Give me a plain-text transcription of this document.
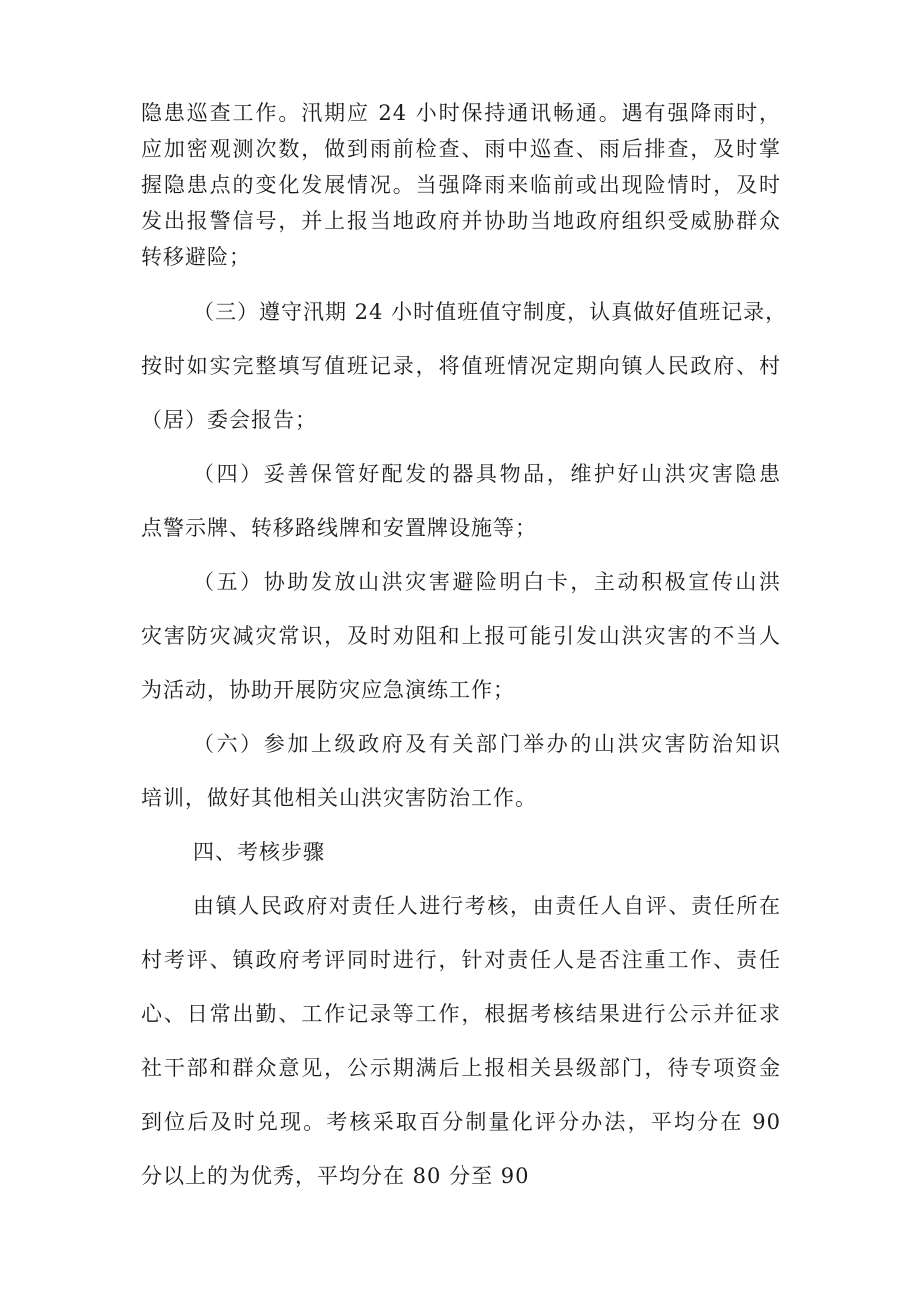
隐患巡查工作。汛期应 24 小时保持通讯畅通。遇有强降雨时，
应加密观测次数，做到雨前检查、雨中巡查、雨后排查，及时掌
握隐患点的变化发展情况。当强降雨来临前或出现险情时，及时
发出报警信号，并上报当地政府并协助当地政府组织受威胁群众
转移避险；
（三）遵守汛期 24 小时值班值守制度，认真做好值班记录，
按时如实完整填写值班记录，将值班情况定期向镇人民政府、村
（居）委会报告；
（四）妥善保管好配发的器具物品，维护好山洪灾害隐患
点警示牌、转移路线牌和安置牌设施等；
（五）协助发放山洪灾害避险明白卡，主动积极宣传山洪
灾害防灾减灾常识，及时劝阻和上报可能引发山洪灾害的不当人
为活动，协助开展防灾应急演练工作；
（六）参加上级政府及有关部门举办的山洪灾害防治知识
培训，做好其他相关山洪灾害防治工作。
四、考核步骤
由镇人民政府对责任人进行考核，由责任人自评、责任所在
村考评、镇政府考评同时进行，针对责任人是否注重工作、责任
心、日常出勤、工作记录等工作，根据考核结果进行公示并征求
社干部和群众意见，公示期满后上报相关县级部门，待专项资金
到位后及时兑现。考核采取百分制量化评分办法，平均分在 90
分以上的为优秀，平均分在 80 分至 90
